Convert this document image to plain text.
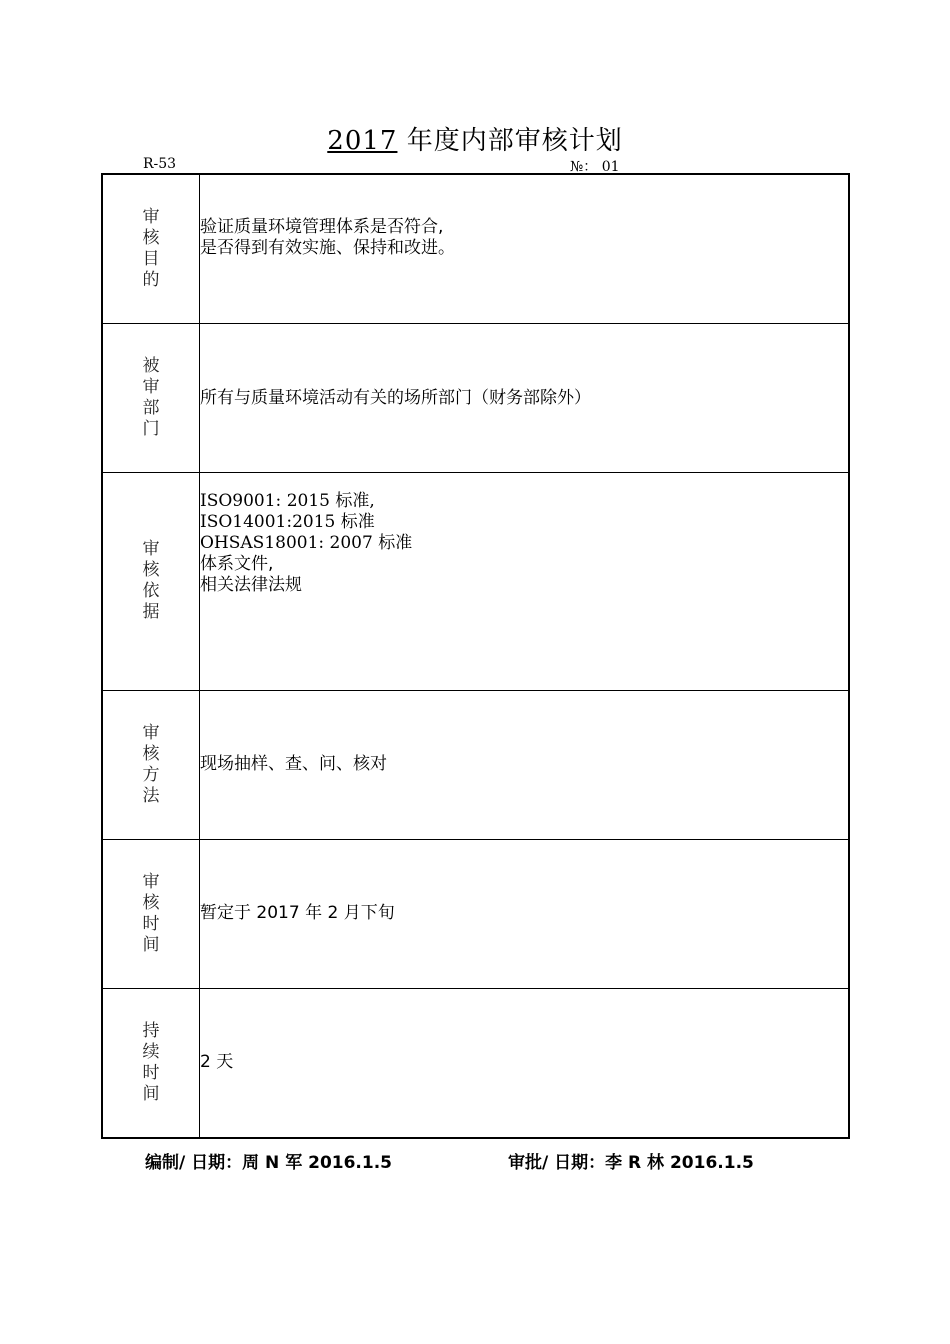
2017 年度内部审核计划
R-53	№： 01
审核目的	验证质量环境管理体系是否符合,
是否得到有效实施、保持和改进。

被审部门	所有与质量环境活动有关的场所部门（财务部除外）

审核依据	ISO9001: 2015 标准,
ISO14001:2015 标准
OHSAS18001: 2007 标准
体系文件,
相关法律法规

审核方法	现场抽样、查、问、核对

审核时间	暂定于 2017 年 2 月下旬

持续时间	2 天
编制/ 日期：周 N 军 2016.1.5	审批/ 日期：李 R 林 2016.1.5
